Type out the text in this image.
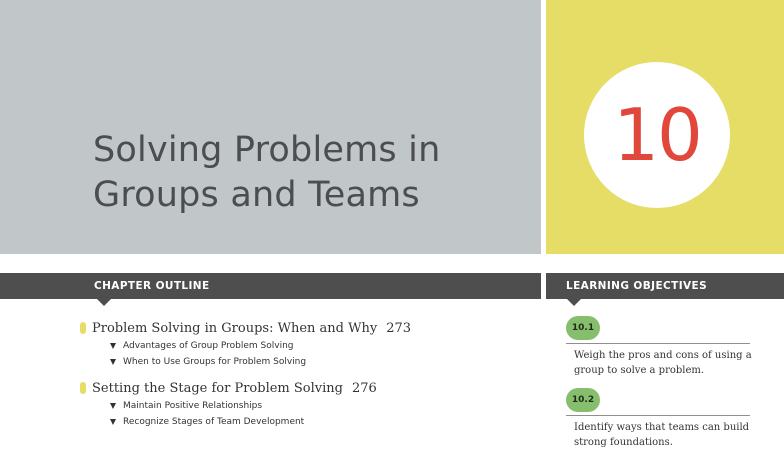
Solving Problems in
Groups and Teams
10
CHAPTER OUTLINE	LEARNING OBJECTIVES
Problem Solving in Groups: When and Why 273
Advantages of Group Problem Solving
When to Use Groups for Problem Solving
Setting the Stage for Problem Solving 276
Maintain Positive Relationships
Recognize Stages of Team Development
10.1
Weigh the pros and cons of using a group to solve a problem.
10.2
Identify ways that teams can build strong foundations.
